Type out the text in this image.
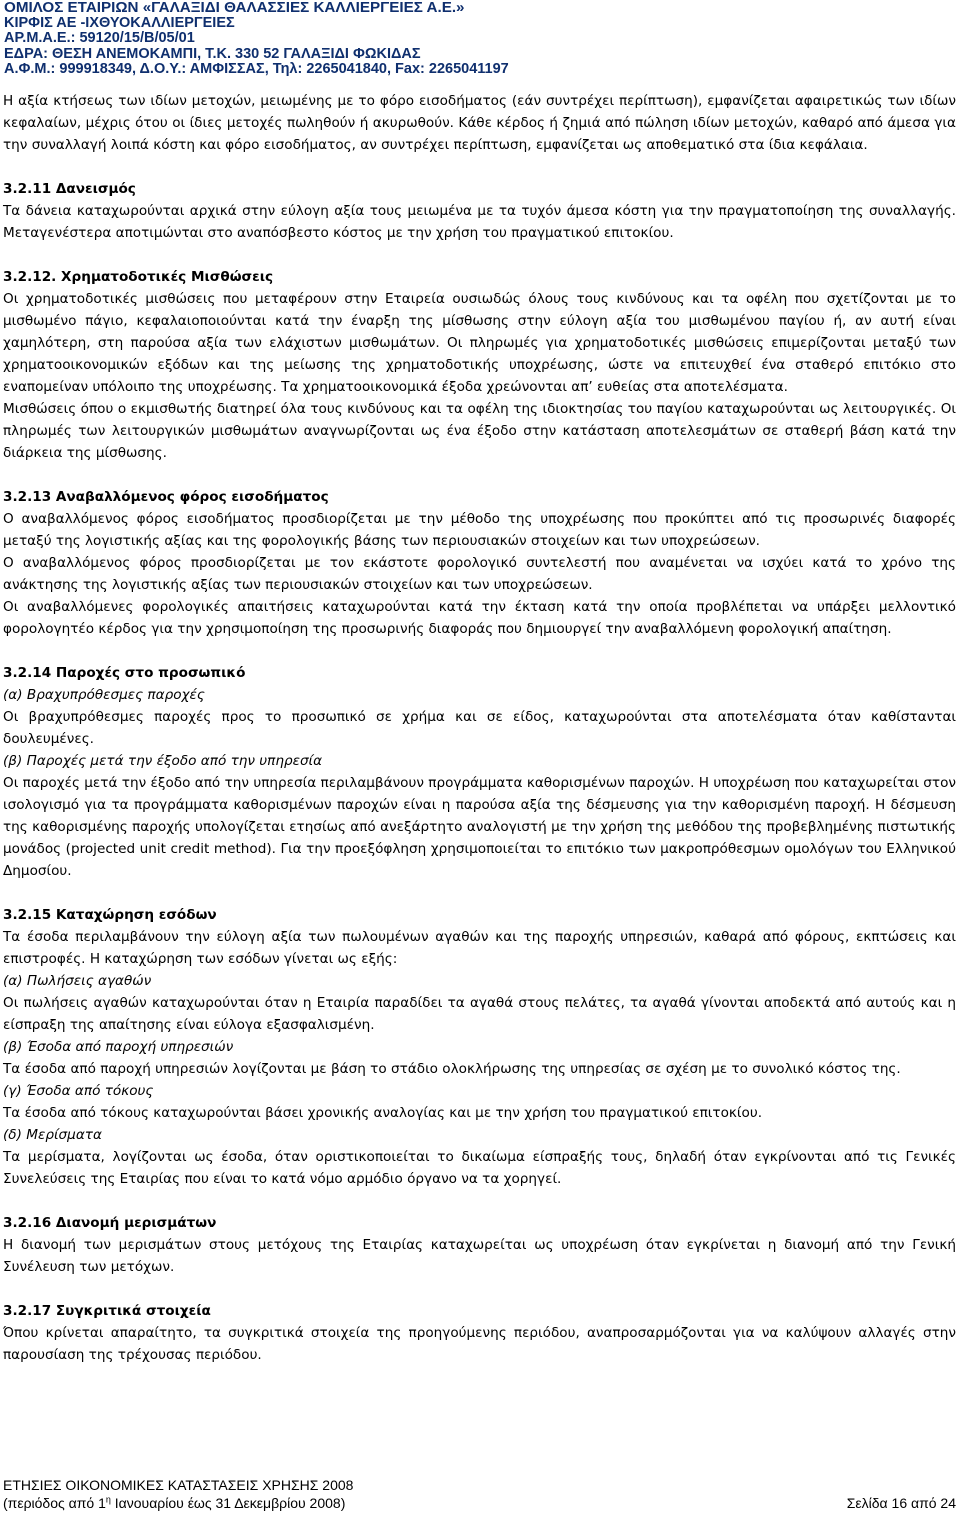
ΟΜΙΛΟΣ ΕΤΑΙΡΙΩΝ «ΓΑΛΑΞΙΔΙ ΘΑΛΑΣΣΙΕΣ ΚΑΛΛΙΕΡΓΕΙΕΣ Α.Ε.»
ΚΙΡΦΙΣ ΑΕ -ΙΧΘΥΟΚΑΛΛΙΕΡΓΕΙΕΣ
ΑΡ.Μ.Α.Ε.: 59120/15/Β/05/01
ΕΔΡΑ: ΘΕΣΗ ΑΝΕΜΟΚΑΜΠΙ, Τ.Κ. 330 52 ΓΑΛΑΞΙΔΙ ΦΩΚΙΔΑΣ
Α.Φ.Μ.: 999918349, Δ.Ο.Υ.: ΑΜΦΙΣΣΑΣ, Τηλ: 2265041840, Fax: 2265041197

Η αξία κτήσεως των ιδίων μετοχών, μειωμένης με το φόρο εισοδήματος (εάν συντρέχει περίπτωση), εμφανίζεται αφαιρετικώς των ιδίων κεφαλαίων, μέχρις ότου οι ίδιες μετοχές πωληθούν ή ακυρωθούν. Κάθε κέρδος ή ζημιά από πώληση ιδίων μετοχών, καθαρό από άμεσα για την συναλλαγή λοιπά κόστη και φόρο εισοδήματος, αν συντρέχει περίπτωση, εμφανίζεται ως αποθεματικό στα ίδια κεφάλαια.

3.2.11 Δανεισμός

Τα δάνεια καταχωρούνται αρχικά στην εύλογη αξία τους μειωμένα με τα τυχόν άμεσα κόστη για την πραγματοποίηση της συναλλαγής. Μεταγενέστερα αποτιμώνται στο αναπόσβεστο κόστος με την χρήση του πραγματικού επιτοκίου.

3.2.12. Χρηματοδοτικές Μισθώσεις

Οι χρηματοδοτικές μισθώσεις που μεταφέρουν στην Εταιρεία ουσιωδώς όλους τους κινδύνους και τα οφέλη που σχετίζονται με το μισθωμένο πάγιο, κεφαλαιοποιούνται κατά την έναρξη της μίσθωσης στην εύλογη αξία του μισθωμένου παγίου ή, αν αυτή είναι χαμηλότερη, στη παρούσα αξία των ελάχιστων μισθωμάτων. Οι πληρωμές για χρηματοδοτικές μισθώσεις επιμερίζονται μεταξύ των χρηματοοικονομικών εξόδων και της μείωσης της χρηματοδοτικής υποχρέωσης, ώστε να επιτευχθεί ένα σταθερό επιτόκιο στο εναπομείναν υπόλοιπο της υποχρέωσης. Τα χρηματοοικονομικά έξοδα χρεώνονται απ’ ευθείας στα αποτελέσματα.

Μισθώσεις όπου ο εκμισθωτής διατηρεί όλα τους κινδύνους και τα οφέλη της ιδιοκτησίας του παγίου καταχωρούνται ως λειτουργικές. Οι πληρωμές των λειτουργικών μισθωμάτων αναγνωρίζονται ως ένα έξοδο στην κατάσταση αποτελεσμάτων σε σταθερή βάση κατά την διάρκεια της μίσθωσης.

3.2.13 Αναβαλλόμενος φόρος εισοδήματος

Ο αναβαλλόμενος φόρος εισοδήματος προσδιορίζεται με την μέθοδο της υποχρέωσης που προκύπτει από τις προσωρινές διαφορές μεταξύ της λογιστικής αξίας και της φορολογικής βάσης των περιουσιακών στοιχείων και των υποχρεώσεων.

Ο αναβαλλόμενος φόρος προσδιορίζεται με τον εκάστοτε φορολογικό συντελεστή που αναμένεται να ισχύει κατά το χρόνο της ανάκτησης της λογιστικής αξίας των περιουσιακών στοιχείων και των υποχρεώσεων.

Οι αναβαλλόμενες φορολογικές απαιτήσεις καταχωρούνται κατά την έκταση κατά την οποία προβλέπεται να υπάρξει μελλοντικό φορολογητέο κέρδος για την χρησιμοποίηση της προσωρινής διαφοράς που δημιουργεί την αναβαλλόμενη φορολογική απαίτηση.

3.2.14 Παροχές στο προσωπικό

(α) Βραχυπρόθεσμες παροχές

Οι βραχυπρόθεσμες παροχές προς το προσωπικό σε χρήμα και σε είδος, καταχωρούνται στα αποτελέσματα όταν καθίστανται δουλευμένες.

(β) Παροχές μετά την έξοδο από την υπηρεσία

Οι παροχές μετά την έξοδο από την υπηρεσία περιλαμβάνουν προγράμματα καθορισμένων παροχών. Η υποχρέωση που καταχωρείται στον ισολογισμό για τα προγράμματα καθορισμένων παροχών είναι η παρούσα αξία της δέσμευσης για την καθορισμένη παροχή. Η δέσμευση της καθορισμένης παροχής υπολογίζεται ετησίως από ανεξάρτητο αναλογιστή με την χρήση της μεθόδου της προβεβλημένης πιστωτικής μονάδος (projected unit credit method). Για την προεξόφληση χρησιμοποιείται το επιτόκιο των μακροπρόθεσμων ομολόγων του Ελληνικού Δημοσίου.

3.2.15 Καταχώρηση εσόδων

Τα έσοδα περιλαμβάνουν την εύλογη αξία των πωλουμένων αγαθών και της παροχής υπηρεσιών, καθαρά από φόρους, εκπτώσεις και επιστροφές. Η καταχώρηση των εσόδων γίνεται ως εξής:

(α) Πωλήσεις αγαθών

Οι πωλήσεις αγαθών καταχωρούνται όταν η Εταιρία παραδίδει τα αγαθά στους πελάτες, τα αγαθά γίνονται αποδεκτά από αυτούς και η είσπραξη της απαίτησης είναι εύλογα εξασφαλισμένη.

(β) Έσοδα από παροχή υπηρεσιών

Τα έσοδα από παροχή υπηρεσιών λογίζονται με βάση το στάδιο ολοκλήρωσης της υπηρεσίας σε σχέση με το συνολικό κόστος της.

(γ) Έσοδα από τόκους

Τα έσοδα από τόκους καταχωρούνται βάσει χρονικής αναλογίας και με την χρήση του πραγματικού επιτοκίου.

(δ) Μερίσματα

Τα μερίσματα, λογίζονται ως έσοδα, όταν οριστικοποιείται το δικαίωμα είσπραξής τους, δηλαδή όταν εγκρίνονται από τις Γενικές Συνελεύσεις της Εταιρίας που είναι το κατά νόμο αρμόδιο όργανο να τα χορηγεί.

3.2.16 Διανομή μερισμάτων

Η διανομή των μερισμάτων στους μετόχους της Εταιρίας καταχωρείται ως υποχρέωση όταν εγκρίνεται η διανομή από την Γενική Συνέλευση των μετόχων.

3.2.17 Συγκριτικά στοιχεία

Όπου κρίνεται απαραίτητο, τα συγκριτικά στοιχεία της προηγούμενης περιόδου, αναπροσαρμόζονται για να καλύψουν αλλαγές στην παρουσίαση της τρέχουσας περιόδου.

ΕΤΗΣΙΕΣ ΟΙΚΟΝΟΜΙΚΕΣ ΚΑΤΑΣΤΑΣΕΙΣ ΧΡΗΣΗΣ 2008
(περιόδος από $1^\eta$ Ιανουαρίου έως 31 Δεκεμβρίου 2008)	Σελίδα 16 από 24
